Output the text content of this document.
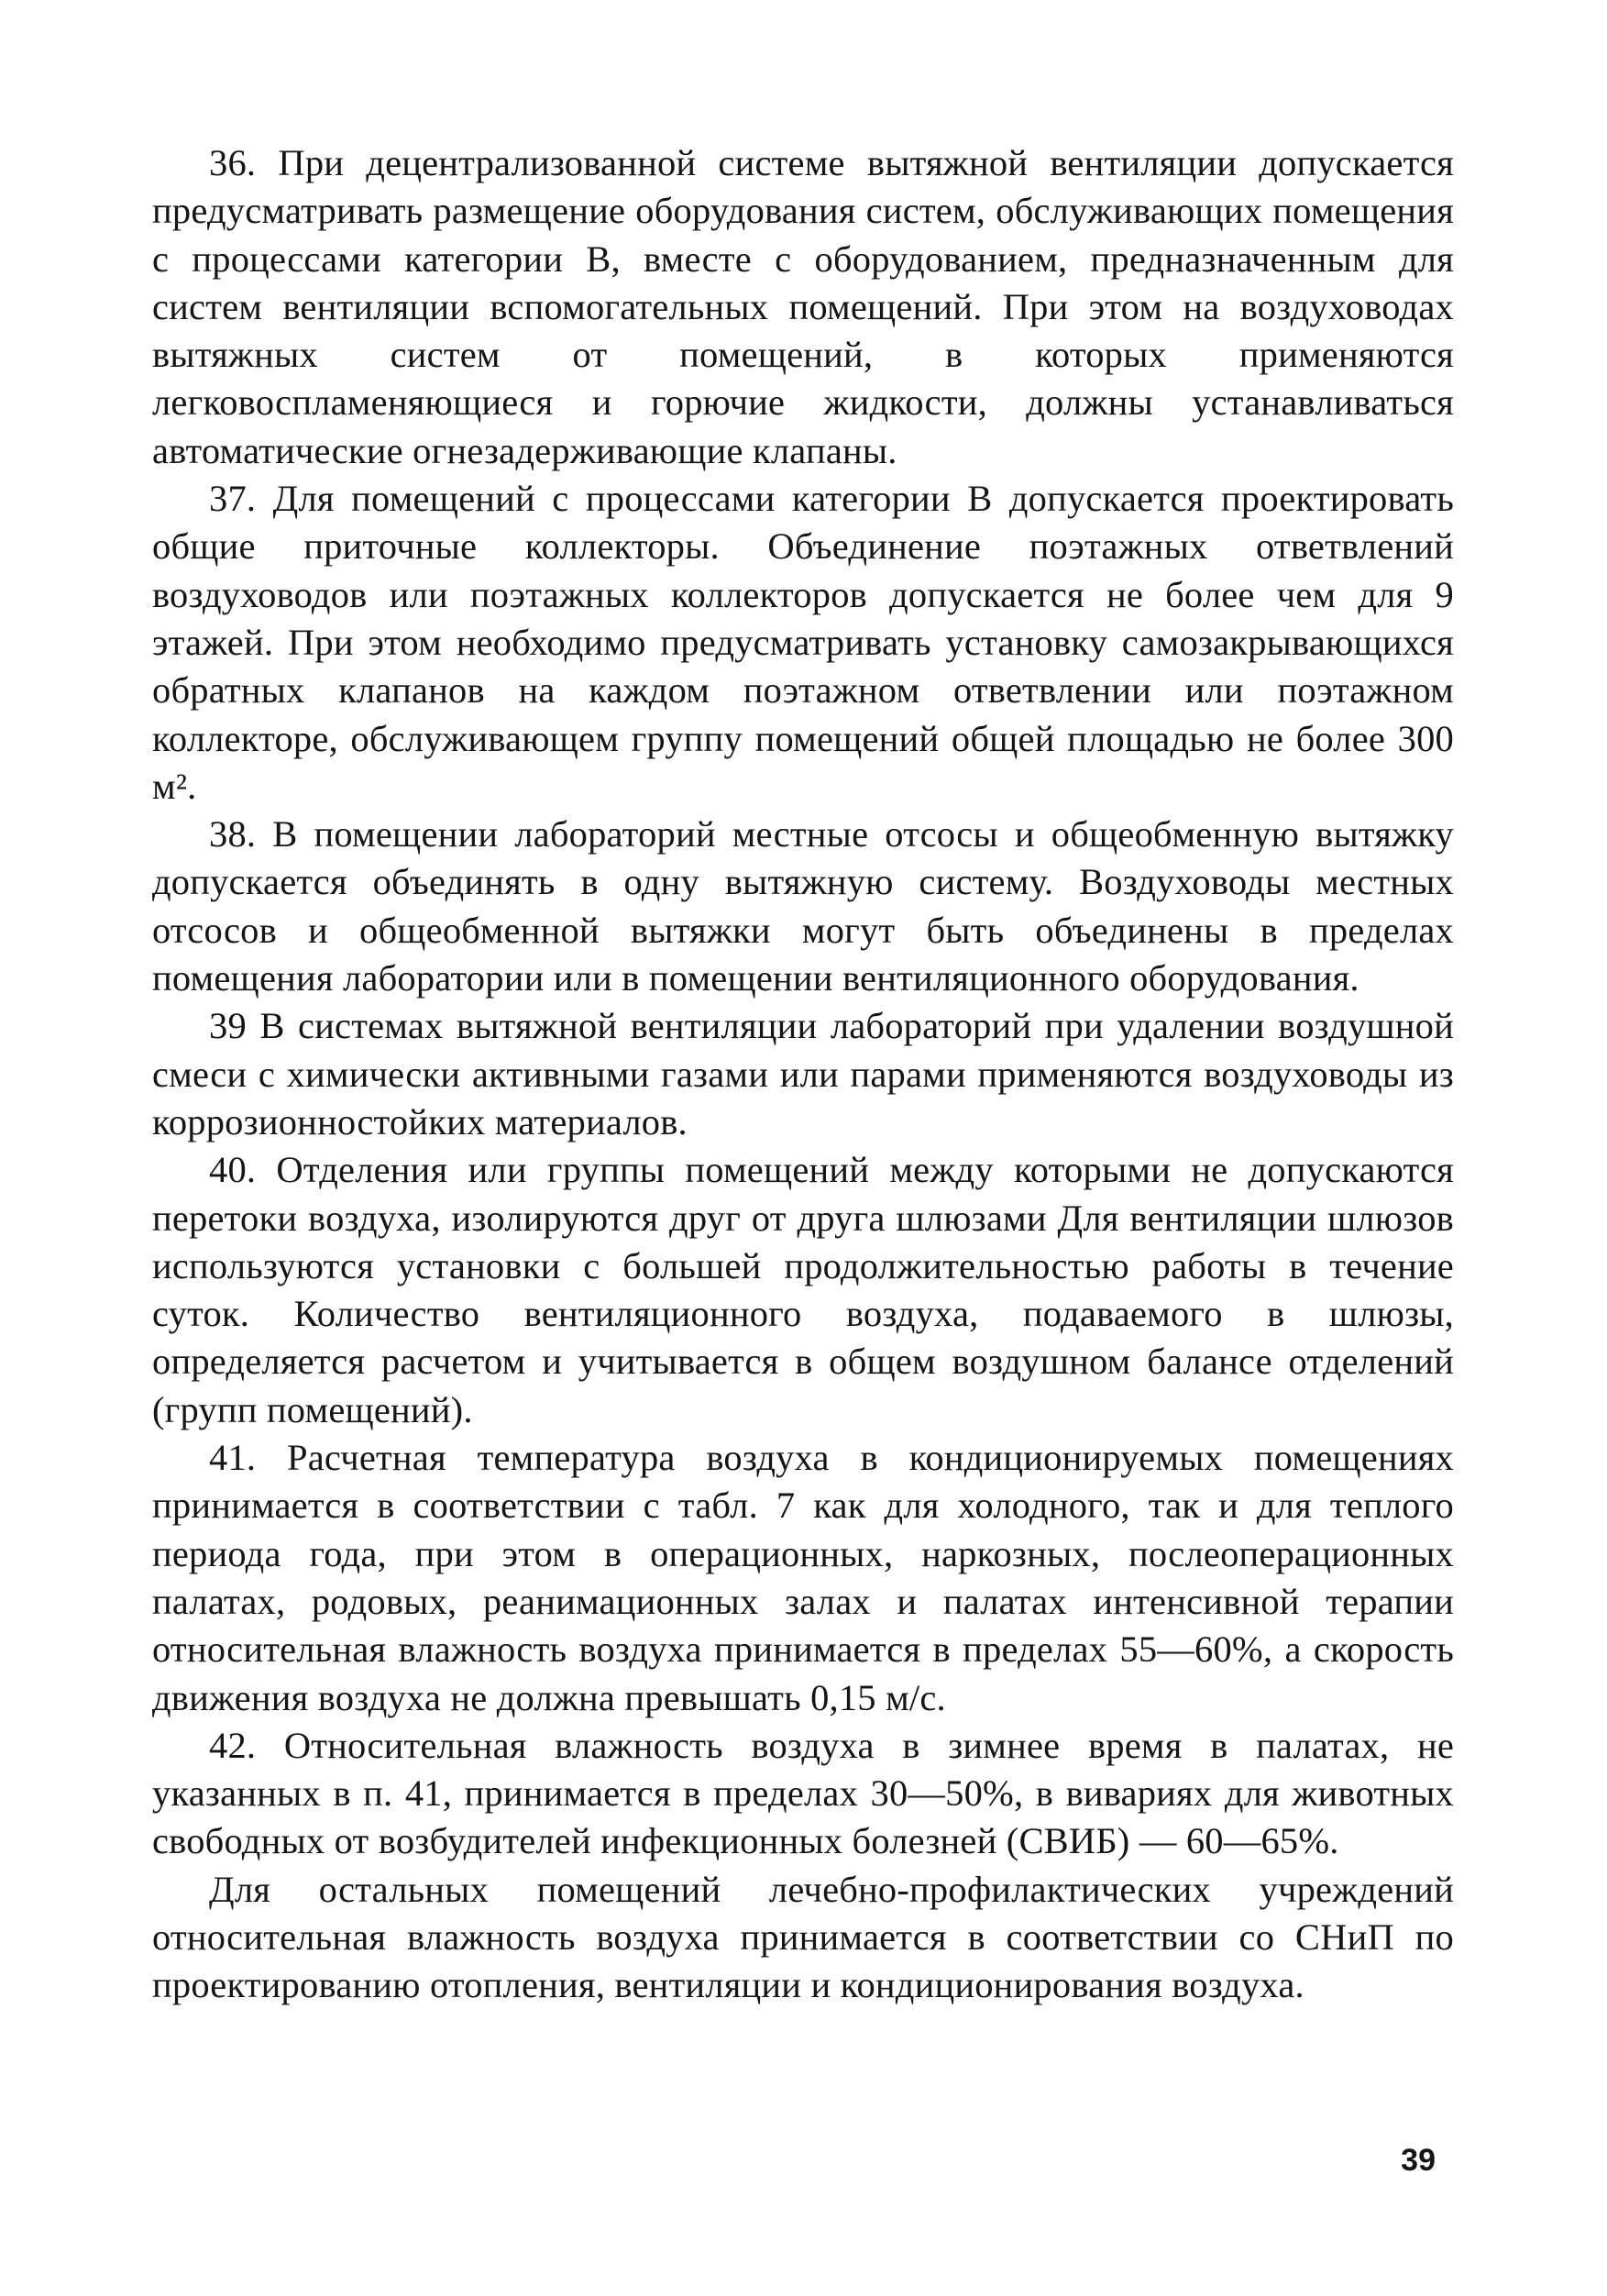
36. При децентрализованной системе вытяжной вентиляции допускается предусматривать размещение оборудования систем, обслуживающих помещения с процессами категории В, вместе с оборудованием, предназначенным для систем вентиляции вспомогательных помещений. При этом на воздуховодах вытяжных систем от помещений, в которых применяются легковоспламеняющиеся и горючие жидкости, должны устанавливаться автоматические огнезадерживающие клапаны.

37. Для помещений с процессами категории В допускается проектировать общие приточные коллекторы. Объединение поэтажных ответвлений воздуховодов или поэтажных коллекторов допускается не более чем для 9 этажей. При этом необходимо предусматривать установку самозакрывающихся обратных клапанов на каждом поэтажном ответвлении или поэтажном коллекторе, обслуживающем группу помещений общей площадью не более 300 м².

38. В помещении лабораторий местные отсосы и общеобменную вытяжку допускается объединять в одну вытяжную систему. Воздуховоды местных отсосов и общеобменной вытяжки могут быть объединены в пределах помещения лаборатории или в помещении вентиляционного оборудования.

39 В системах вытяжной вентиляции лабораторий при удалении воздушной смеси с химически активными газами или парами применяются воздуховоды из коррозионностойких материалов.

40. Отделения или группы помещений между которыми не допускаются перетоки воздуха, изолируются друг от друга шлюзами Для вентиляции шлюзов используются установки с большей продолжительностью работы в течение суток. Количество вентиляционного воздуха, подаваемого в шлюзы, определяется расчетом и учитывается в общем воздушном балансе отделений (групп помещений).

41. Расчетная температура воздуха в кондиционируемых помещениях принимается в соответствии с табл. 7 как для холодного, так и для теплого периода года, при этом в операционных, наркозных, послеоперационных палатах, родовых, реанимационных залах и палатах интенсивной терапии относительная влажность воздуха принимается в пределах 55—60%, а скорость движения воздуха не должна превышать 0,15 м/с.

42. Относительная влажность воздуха в зимнее время в палатах, не указанных в п. 41, принимается в пределах 30—50%, в вивариях для животных свободных от возбудителей инфекционных болезней (СВИБ) — 60—65%.

Для остальных помещений лечебно-профилактических учреждений относительная влажность воздуха принимается в соответствии со СНиП по проектированию отопления, вентиляции и кондиционирования воздуха.

39
